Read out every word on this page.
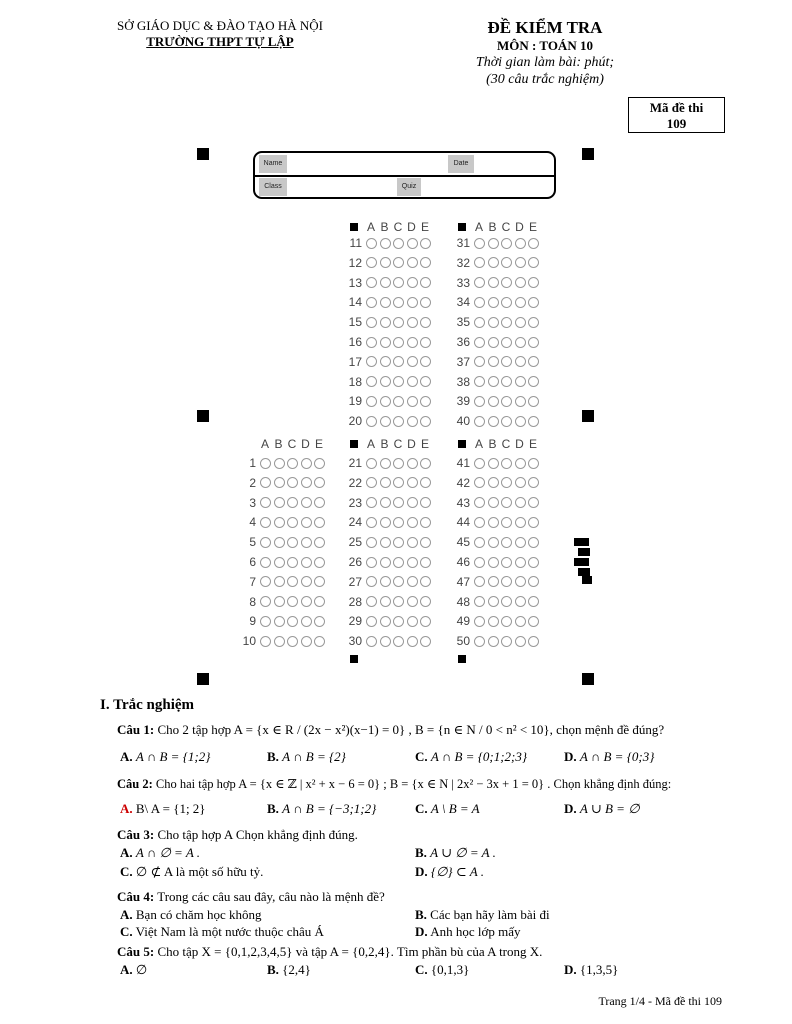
SỞ GIÁO DỤC & ĐÀO TẠO HÀ NỘI
TRƯỜNG THPT TỰ LẬP
ĐỀ KIỂM TRA
MÔN : TOÁN 10
Thời gian làm bài: phút;
(30 câu trắc nghiệm)
Mã đề thi
109
Name	Date
Class	Quiz
A B C D E
11
12
13
14
15
16
17
18
19
20
A B C D E
31
32
33
34
35
36
37
38
39
40
A B C D E
1
2
3
4
5
6
7
8
9
10
A B C D E
21
22
23
24
25
26
27
28
29
30
A B C D E
41
42
43
44
45
46
47
48
49
50
I. Trắc nghiệm
Câu 1: Cho 2 tập hợp A = {x ∈ R / (2x − x²)(x−1) = 0} , B = {n ∈ N / 0 < n² < 10}, chọn mệnh đề đúng?
A. A ∩ B = {1;2}	B. A ∩ B = {2}	C. A ∩ B = {0;1;2;3}	D. A ∩ B = {0;3}
Câu 2: Cho hai tập hợp A = {x ∈ ℤ | x² + x − 6 = 0} ; B = {x ∈ N | 2x² − 3x + 1 = 0} . Chọn khẳng định đúng:
A. B\ A = {1; 2}	B. A ∩ B = {−3;1;2}	C. A \ B = A	D. A ∪ B = ∅
Câu 3: Cho tập hợp A Chọn khẳng định đúng.
A. A ∩ ∅ = A .	B. A ∪ ∅ = A .
C. ∅ ⊄ A là một số hữu tỷ.	D. {∅} ⊂ A .
Câu 4: Trong các câu sau đây, câu nào là mệnh đề?
A. Bạn có chăm học không	B. Các bạn hãy làm bài đi
C. Việt Nam là một nước thuộc châu Á	D. Anh học lớp mấy
Câu 5: Cho tập X = {0,1,2,3,4,5} và tập A = {0,2,4}. Tìm phần bù của A trong X.
A. ∅	B. {2,4}	C. {0,1,3}	D. {1,3,5}
Trang 1/4 - Mã đề thi 109
